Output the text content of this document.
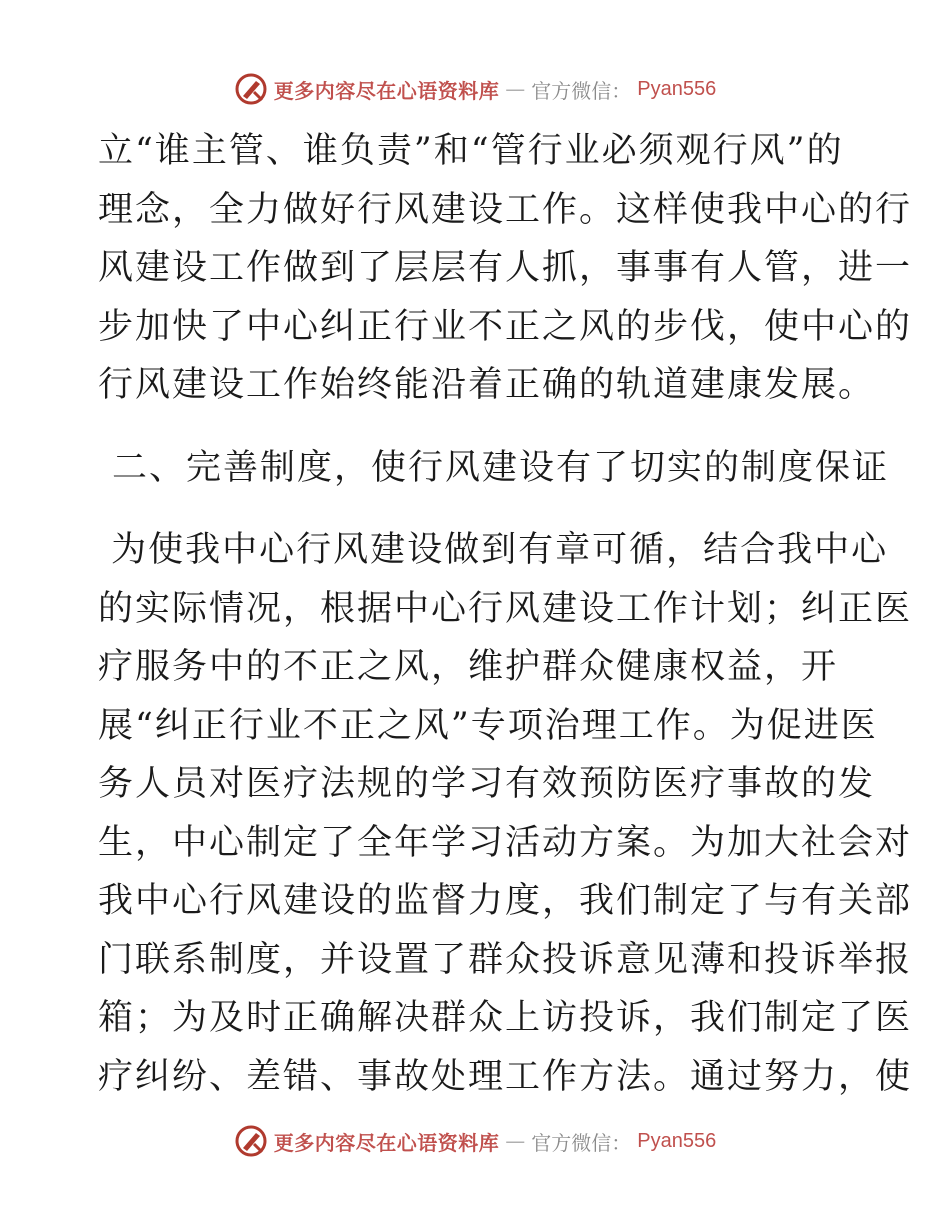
更多内容尽在心语资料库 — 官方微信： Pyan556
立“谁主管、谁负责”和“管行业必须观行风”的
理念，全力做好行风建设工作。这样使我中心的行
风建设工作做到了层层有人抓，事事有人管，进一
步加快了中心纠正行业不正之风的步伐，使中心的
行风建设工作始终能沿着正确的轨道建康发展。
二、完善制度，使行风建设有了切实的制度保证
为使我中心行风建设做到有章可循，结合我中心
的实际情况，根据中心行风建设工作计划；纠正医
疗服务中的不正之风，维护群众健康权益，开
展“纠正行业不正之风”专项治理工作。为促进医
务人员对医疗法规的学习有效预防医疗事故的发
生，中心制定了全年学习活动方案。为加大社会对
我中心行风建设的监督力度，我们制定了与有关部
门联系制度，并设置了群众投诉意见薄和投诉举报
箱；为及时正确解决群众上访投诉，我们制定了医
疗纠纷、差错、事故处理工作方法。通过努力，使
更多内容尽在心语资料库 — 官方微信： Pyan556
